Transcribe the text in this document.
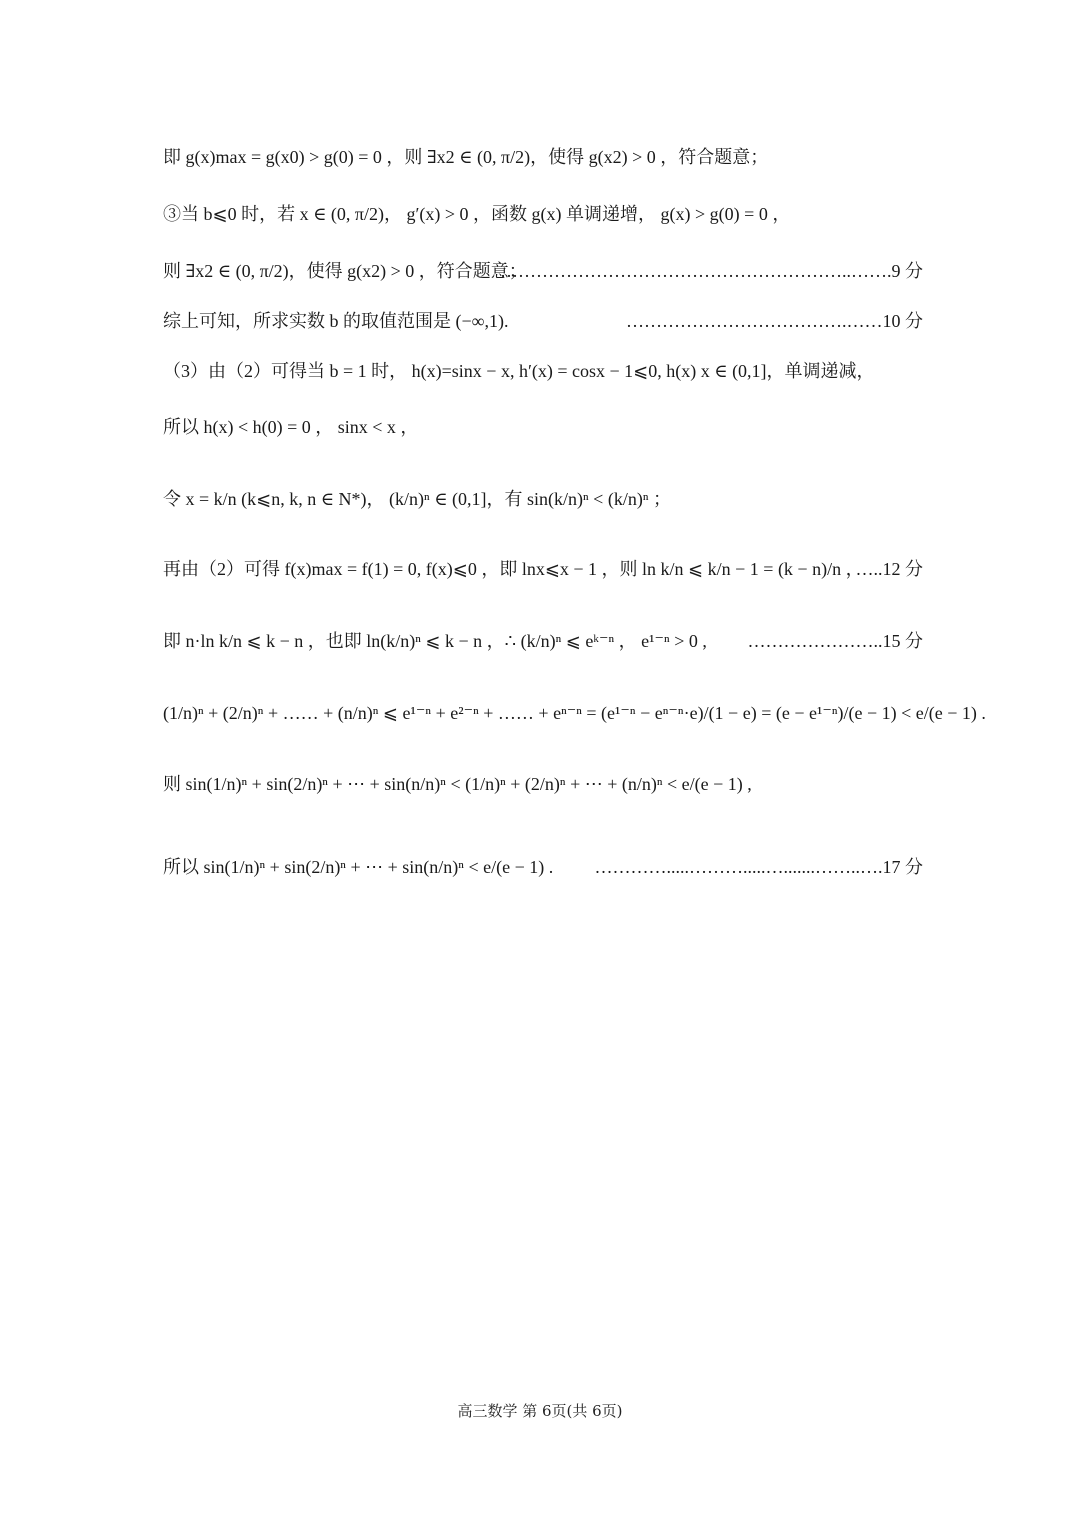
即 g(x)max = g(x0) > g(0) = 0 ，则 ∃x2 ∈ (0, π/2)，使得 g(x2) > 0 ，符合题意；
③当 b⩽0 时，若 x ∈ (0, π/2)， g′(x) > 0 ，函数 g(x) 单调递增， g(x) > g(0) = 0 ，
则 ∃x2 ∈ (0, π/2)，使得 g(x2) > 0 ，符合题意；
…………………………………………………..…….9 分
综上可知，所求实数 b 的取值范围是 (−∞,1).	……………………………….……10 分
（3）由（2）可得当 b = 1 时， h(x)=sinx − x, h′(x) = cosx − 1⩽0, h(x) x ∈ (0,1]，单调递减，
所以 h(x) < h(0) = 0 ， sinx < x ，
令 x = k/n (k⩽n, k, n ∈ N*)， (k/n)ⁿ ∈ (0,1]，有 sin(k/n)ⁿ < (k/n)ⁿ ；
再由（2）可得 f(x)max = f(1) = 0, f(x)⩽0 ，即 lnx⩽x − 1 ，则 ln k/n ⩽ k/n − 1 = (k − n)/n ，
…..12 分
即 n·ln k/n ⩽ k − n ，也即 ln(k/n)ⁿ ⩽ k − n ，∴ (k/n)ⁿ ⩽ eᵏ⁻ⁿ ， e¹⁻ⁿ > 0 , …………………..15 分
(1/n)ⁿ + (2/n)ⁿ + …… + (n/n)ⁿ ⩽ e¹⁻ⁿ + e²⁻ⁿ + …… + eⁿ⁻ⁿ = (e¹⁻ⁿ − eⁿ⁻ⁿ·e)/(1 − e) = (e − e¹⁻ⁿ)/(e − 1) < e/(e − 1) .
则 sin(1/n)ⁿ + sin(2/n)ⁿ + ⋯ + sin(n/n)ⁿ < (1/n)ⁿ + (2/n)ⁿ + ⋯ + (n/n)ⁿ < e/(e − 1) ,
所以 sin(1/n)ⁿ + sin(2/n)ⁿ + ⋯ + sin(n/n)ⁿ < e/(e − 1) . ………….....……….....….......……..….17 分
高三数学 第 6页(共 6页)
